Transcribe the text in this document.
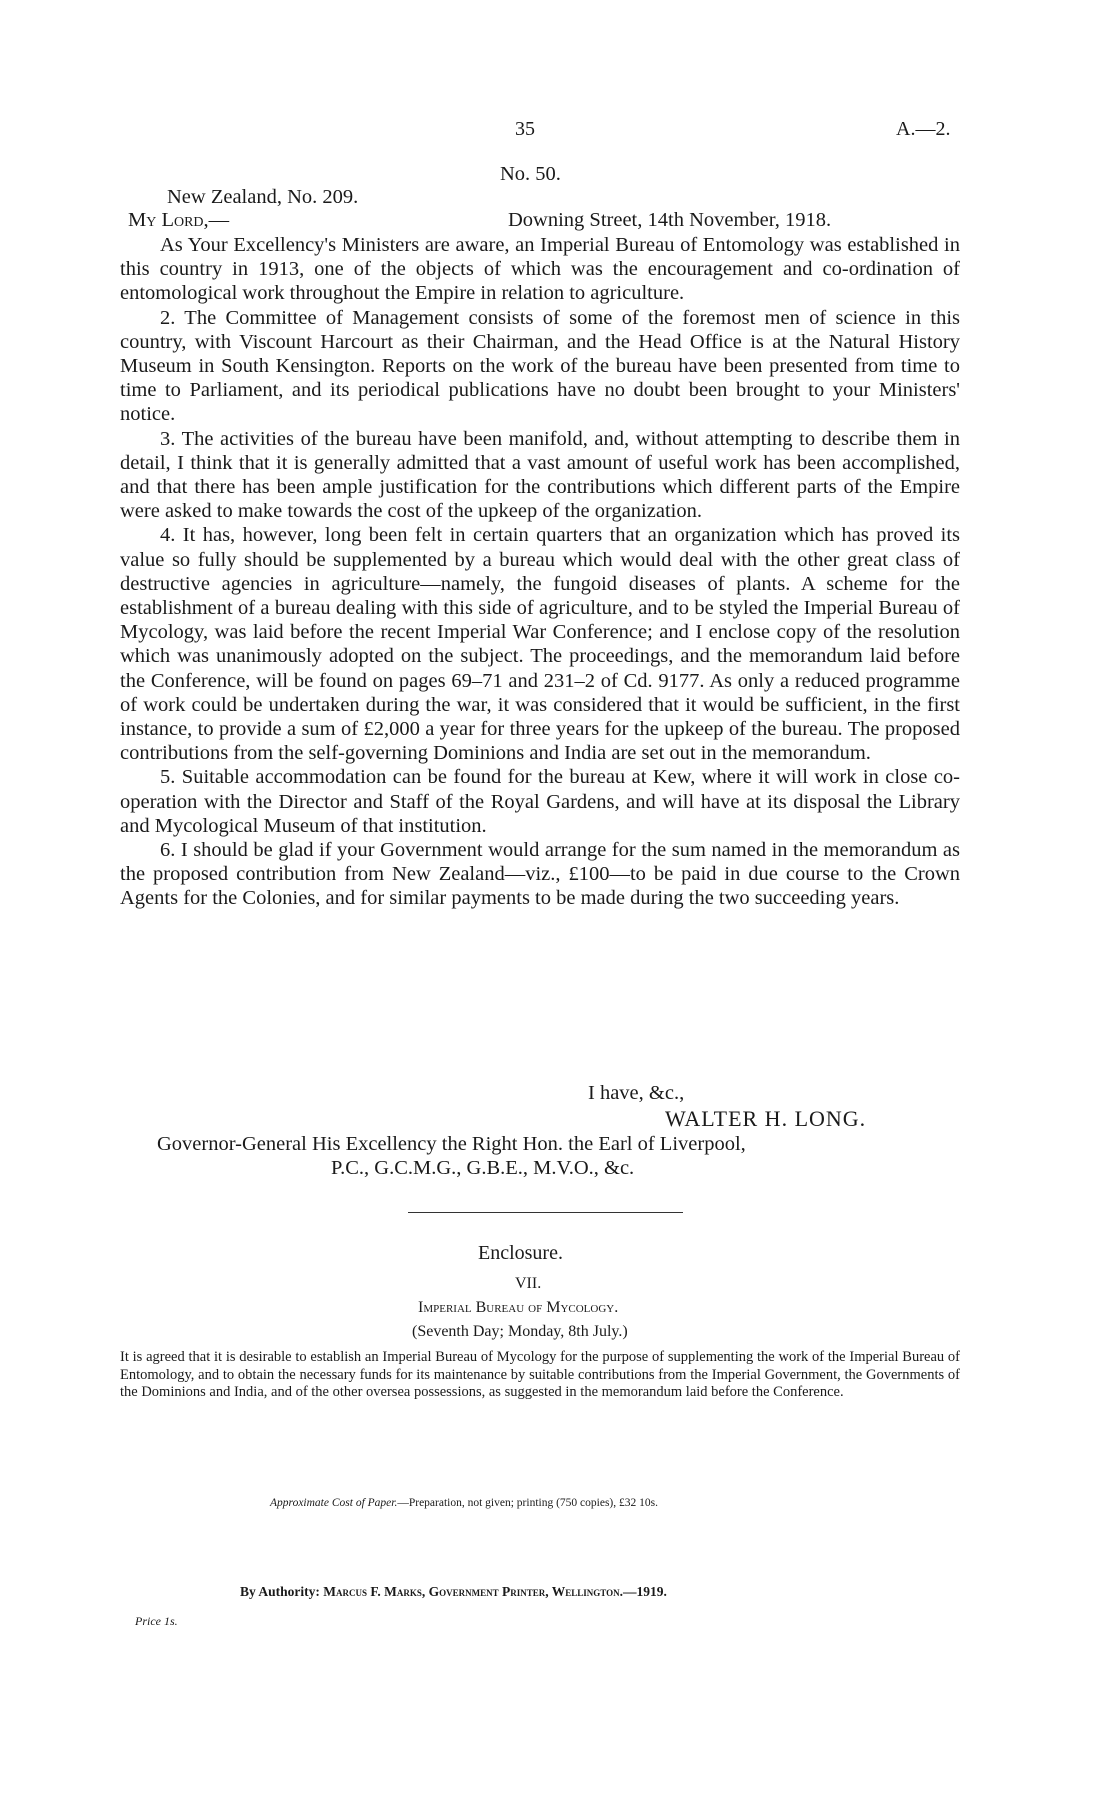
35	A.—2.
No. 50.
New Zealand, No. 209.
My Lord,—	Downing Street, 14th November, 1918.

As Your Excellency's Ministers are aware, an Imperial Bureau of Entomology was established in this country in 1913, one of the objects of which was the encouragement and co-ordination of entomological work throughout the Empire in relation to agriculture.

2. The Committee of Management consists of some of the foremost men of science in this country, with Viscount Harcourt as their Chairman, and the Head Office is at the Natural History Museum in South Kensington. Reports on the work of the bureau have been presented from time to time to Parliament, and its periodical publications have no doubt been brought to your Ministers' notice.

3. The activities of the bureau have been manifold, and, without attempting to describe them in detail, I think that it is generally admitted that a vast amount of useful work has been accomplished, and that there has been ample justification for the contributions which different parts of the Empire were asked to make towards the cost of the upkeep of the organization.

4. It has, however, long been felt in certain quarters that an organization which has proved its value so fully should be supplemented by a bureau which would deal with the other great class of destructive agencies in agriculture—namely, the fungoid diseases of plants. A scheme for the establishment of a bureau dealing with this side of agriculture, and to be styled the Imperial Bureau of Mycology, was laid before the recent Imperial War Conference; and I enclose copy of the resolution which was unanimously adopted on the subject. The proceedings, and the memorandum laid before the Conference, will be found on pages 69–71 and 231–2 of Cd. 9177. As only a reduced programme of work could be undertaken during the war, it was considered that it would be sufficient, in the first instance, to provide a sum of £2,000 a year for three years for the upkeep of the bureau. The proposed contributions from the self-governing Dominions and India are set out in the memorandum.

5. Suitable accommodation can be found for the bureau at Kew, where it will work in close co-operation with the Director and Staff of the Royal Gardens, and will have at its disposal the Library and Mycological Museum of that institution.

6. I should be glad if your Government would arrange for the sum named in the memorandum as the proposed contribution from New Zealand—viz., £100—to be paid in due course to the Crown Agents for the Colonies, and for similar payments to be made during the two succeeding years.

I have, &c.,
WALTER H. LONG.
Governor-General His Excellency the Right Hon. the Earl of Liverpool,
P.C., G.C.M.G., G.B.E., M.V.O., &c.
Enclosure.
VII.
Imperial Bureau of Mycology.
(Seventh Day; Monday, 8th July.)

It is agreed that it is desirable to establish an Imperial Bureau of Mycology for the purpose of supplementing the work of the Imperial Bureau of Entomology, and to obtain the necessary funds for its maintenance by suitable contributions from the Imperial Government, the Governments of the Dominions and India, and of the other oversea possessions, as suggested in the memorandum laid before the Conference.

Approximate Cost of Paper.—Preparation, not given; printing (750 copies), £32 10s.
By Authority: Marcus F. Marks, Government Printer, Wellington.—1919.
Price 1s.
